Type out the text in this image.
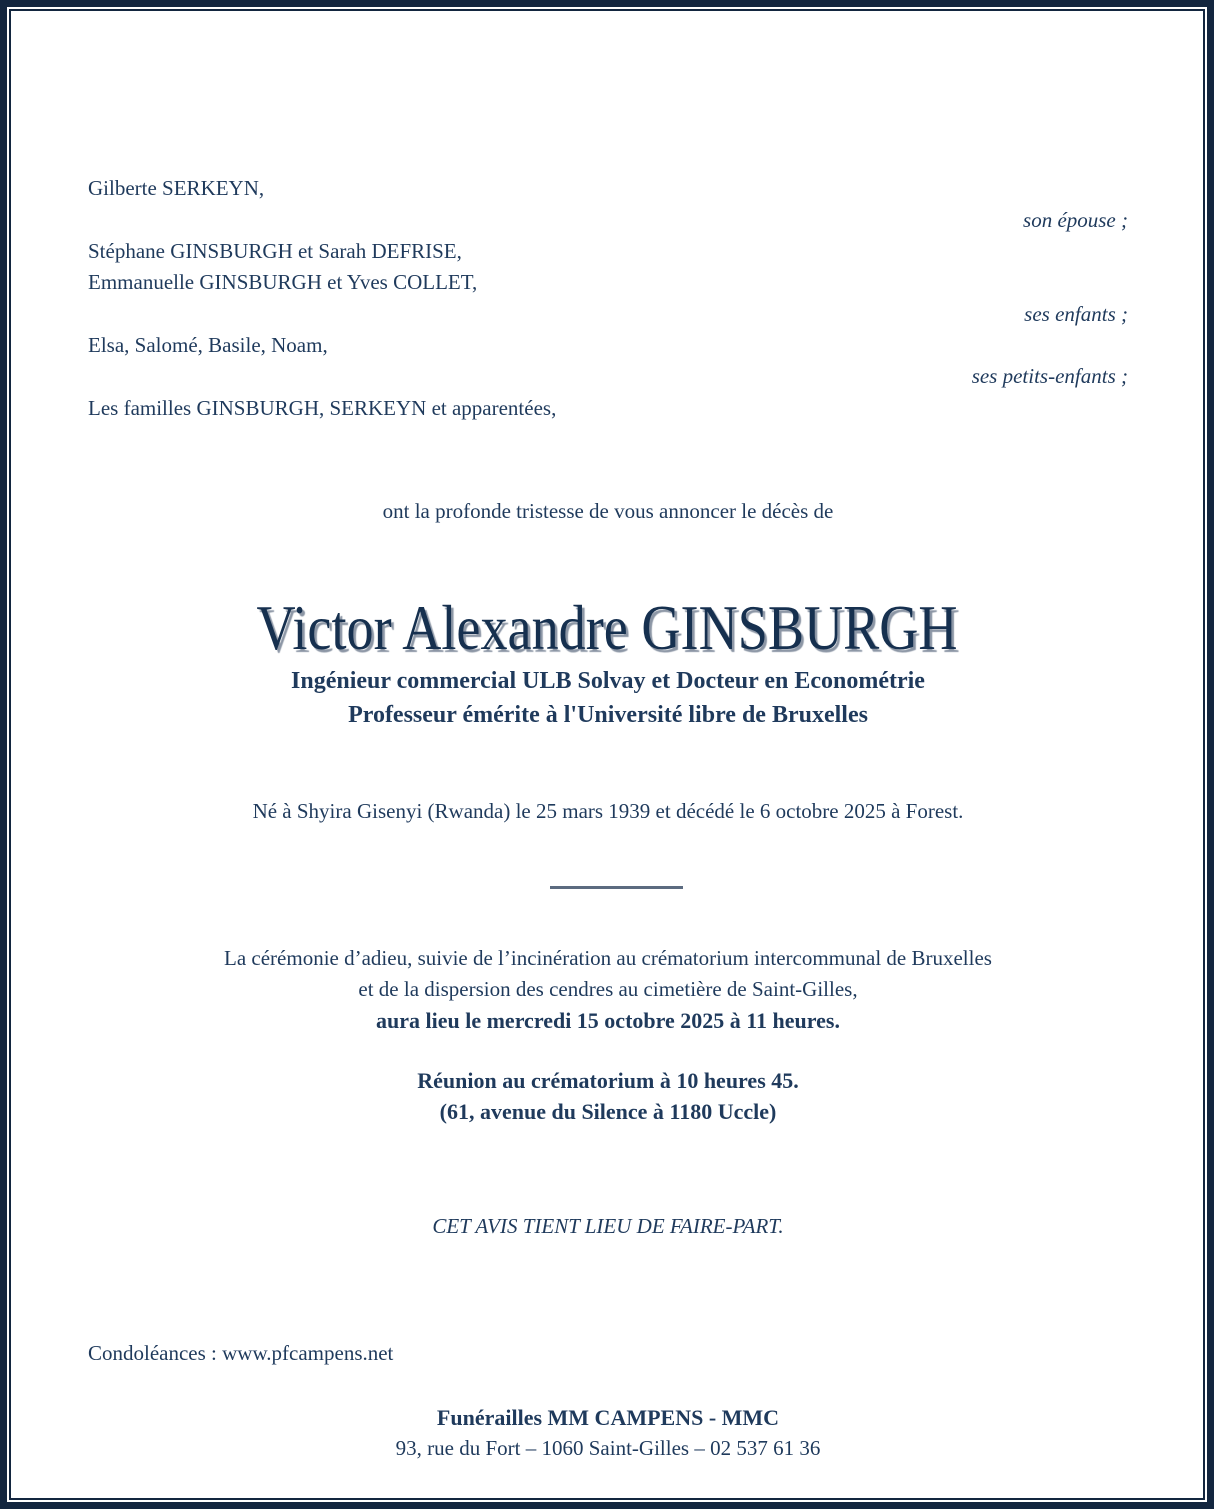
Gilberte SERKEYN,
son épouse ;
Stéphane GINSBURGH et Sarah DEFRISE,
Emmanuelle GINSBURGH et Yves COLLET,
ses enfants ;
Elsa, Salomé, Basile, Noam,
ses petits-enfants ;
Les familles GINSBURGH, SERKEYN et apparentées,
ont la profonde tristesse de vous annoncer le décès de
Victor Alexandre GINSBURGH
Ingénieur commercial ULB Solvay et Docteur en Econométrie
Professeur émérite à l'Université libre de Bruxelles
Né à Shyira Gisenyi (Rwanda) le 25 mars 1939 et décédé le 6 octobre 2025 à Forest.
La cérémonie d’adieu, suivie de l’incinération au crématorium intercommunal de Bruxelles
et de la dispersion des cendres au cimetière de Saint-Gilles,
aura lieu le mercredi 15 octobre 2025 à 11 heures.
Réunion au crématorium à 10 heures 45.
(61, avenue du Silence à 1180 Uccle)
CET AVIS TIENT LIEU DE FAIRE-PART.
Condoléances : www.pfcampens.net
Funérailles MM CAMPENS - MMC
93, rue du Fort – 1060 Saint-Gilles – 02 537 61 36
